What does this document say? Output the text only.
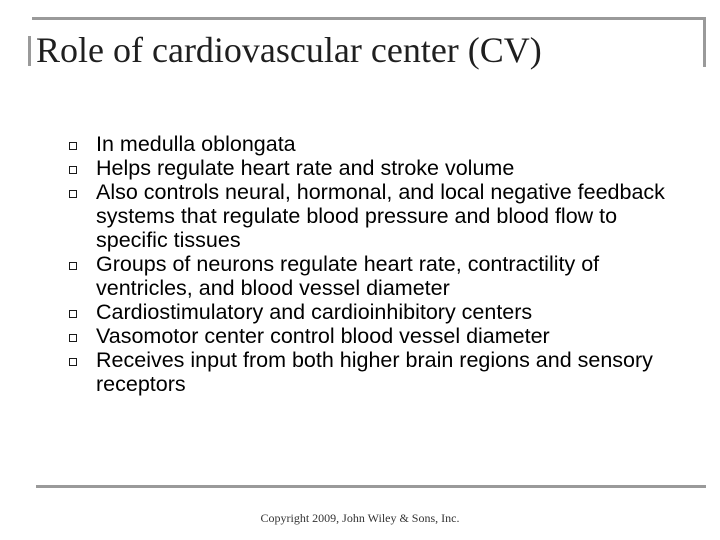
Role of cardiovascular center (CV)
In medulla oblongata
Helps regulate heart rate and stroke volume
Also controls neural, hormonal, and local negative feedback systems that regulate blood pressure and blood flow to specific tissues
Groups of neurons regulate heart rate, contractility of ventricles, and blood vessel diameter
Cardiostimulatory and cardioinhibitory centers
Vasomotor center control blood vessel diameter
Receives input from both higher brain regions and sensory receptors

Copyright 2009, John Wiley & Sons, Inc.
